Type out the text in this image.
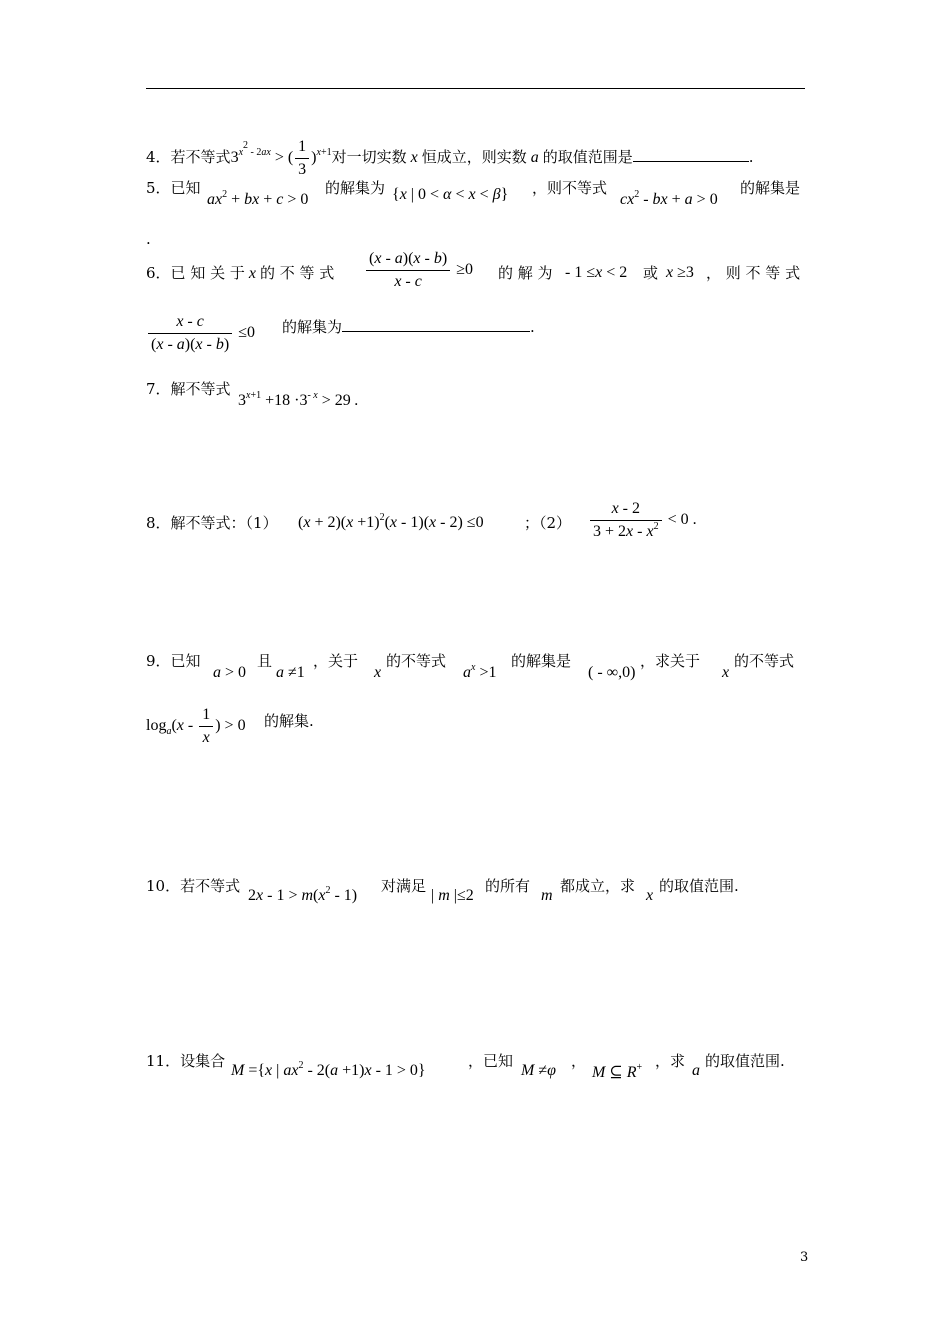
4．若不等式$3^{x^2 - 2ax}$ > ( $\frac{1}{3} )^{x+1}$对一切实数 x 恒成立，则实数 a 的取值范围是	.
5．已知
$ax^2$ + bx + c > 0
的解集为 {x | 0 < α < x < β} ，则不等式
$cx^2$ - bx + a > 0
的解集是
.
6．已 知 关 于 x 的 不 等 式 $\frac{(x - a)(x - b)}{x - c} \ge 0$ 的 解 为 - 1 ≤x < 2 或 x ≥3 ， 则 不 等 式
$\frac{x - c}{(x - a)(x - b)} \le 0$ 的解集为	.
7．解不等式
$3^{x+1} +18 \cdot 3^{- x} > 29$ .
8．解不等式：（1） $(x + 2)(x +1)^2(x - 1)(x - 2) \le 0$	；$(2) \frac{x - 2}{3 + 2x - x^2} < 0$ .
9．已知
a > 0
且
a ≠1
，关于
x
的不等式
$a^x >1$
的解集是
( - ∞,0)
，求关于
x
的不等式
$\log_a(x - \frac{1}{x}$ ) > 0 的解集.
10．若不等式
$2x - 1 > m(x^2 - 1)$
对满足
| m |≤2
的所有
m
都成立，求
x
的取值范围.
11．设集合
M ={x | $ax^2 - 2(a +1)x - 1 > 0$}
，已知
M ≠φ
，
M ⊆ R+ ，求
a
的取值范围.
3
